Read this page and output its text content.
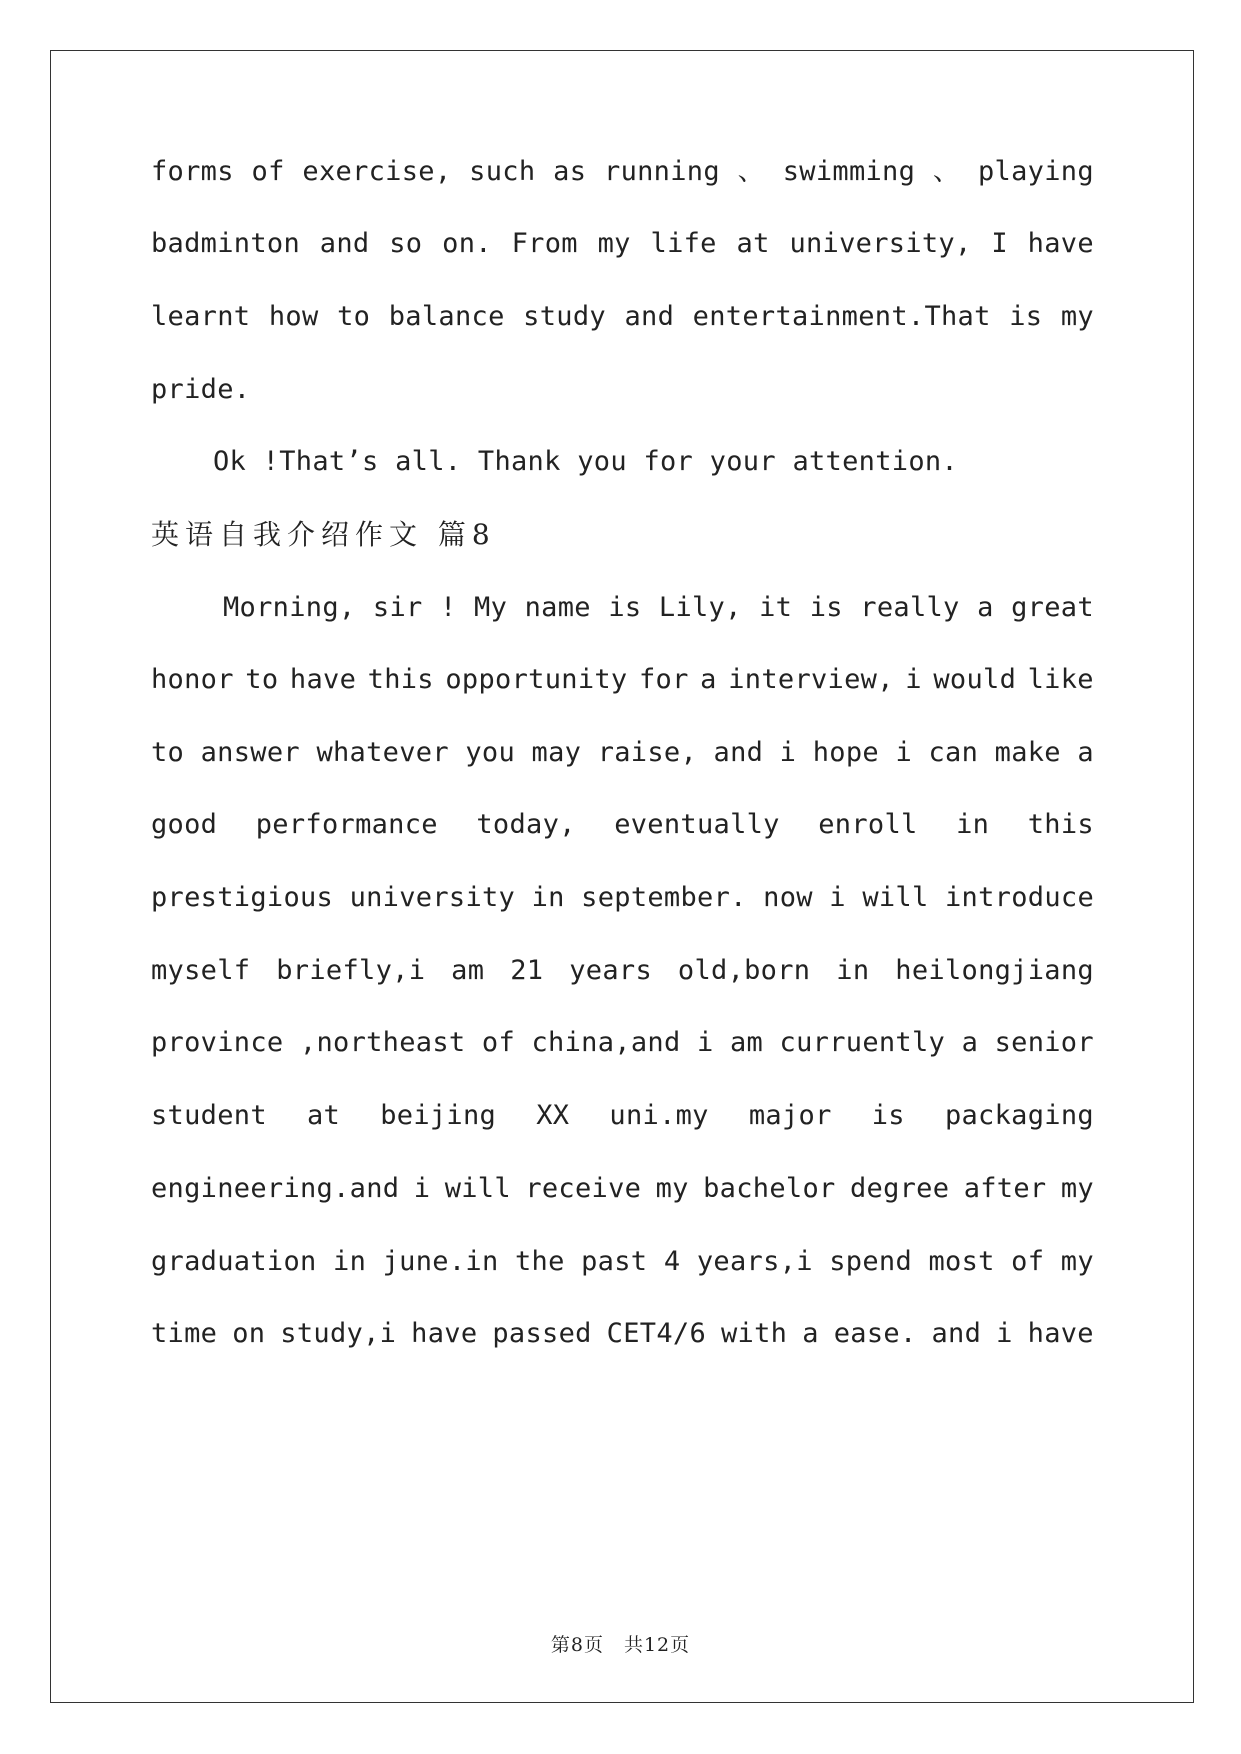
forms of exercise, such as running 、 swimming 、 playing
badminton and so on. From my life at university, I have
learnt how to balance study and entertainment.That is my
pride.
Ok !That’s all. Thank you for your attention.
英语自我介绍作文 篇8
Morning, sir ! My name is Lily, it is really a great
honor to have this opportunity for a interview, i would like
to answer whatever you may raise, and i hope i can make a
good performance today, eventually enroll in this
prestigious university in september. now i will introduce
myself briefly,i am 21 years old,born in heilongjiang
province ,northeast of china,and i am curruently a senior
student at beijing XX uni.my major is packaging
engineering.and i will receive my bachelor degree after my
graduation in june.in the past 4 years,i spend most of my
time on study,i have passed CET4/6 with a ease. and i have
第8页　共12页
